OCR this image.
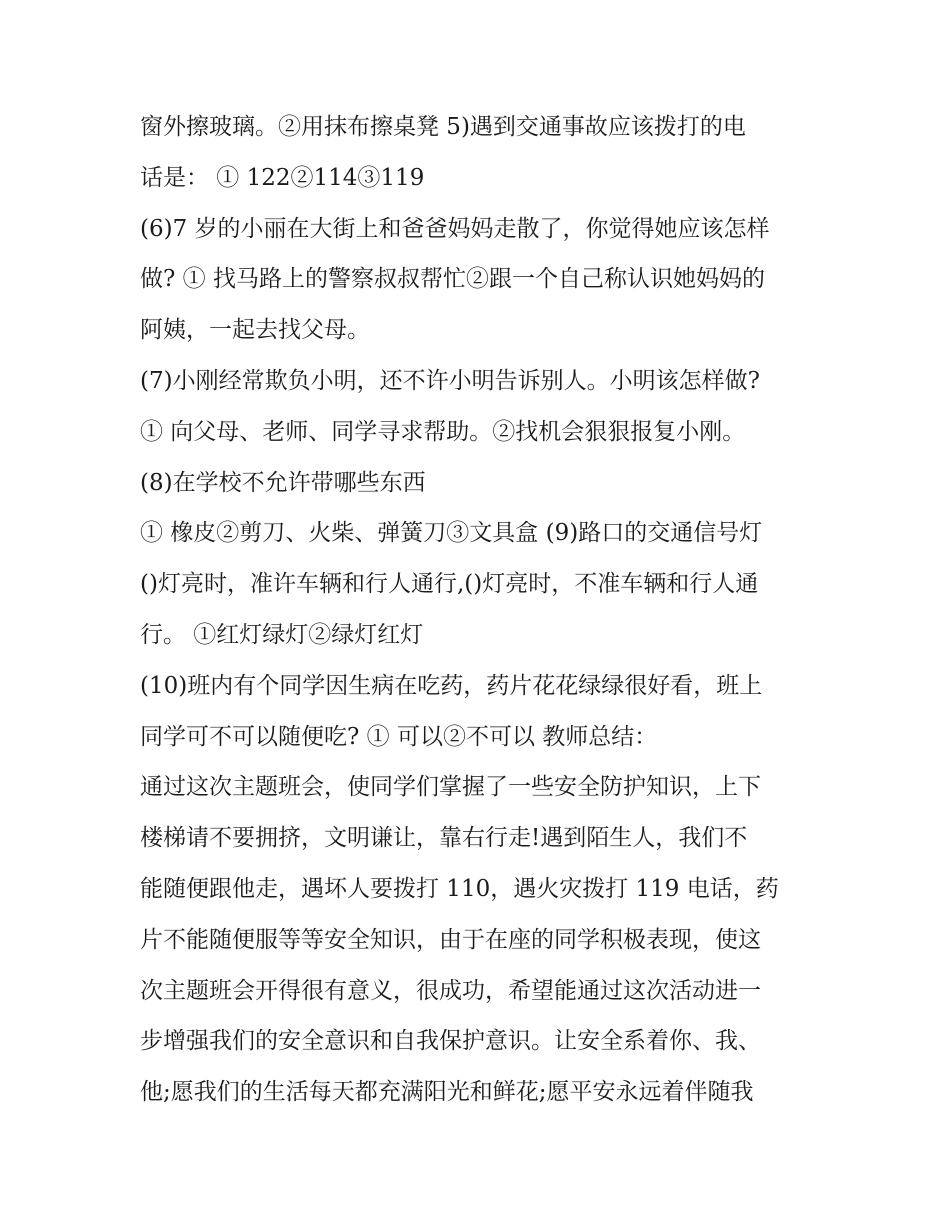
窗外擦玻璃。②用抹布擦桌凳 5)遇到交通事故应该拨打的电
话是： ① 122②114③119
(6)7 岁的小丽在大街上和爸爸妈妈走散了，你觉得她应该怎样
做? ① 找马路上的警察叔叔帮忙②跟一个自己称认识她妈妈的
阿姨，一起去找父母。
(7)小刚经常欺负小明，还不许小明告诉别人。小明该怎样做?
① 向父母、老师、同学寻求帮助。②找机会狠狠报复小刚。
(8)在学校不允许带哪些东西
① 橡皮②剪刀、火柴、弹簧刀③文具盒 (9)路口的交通信号灯
()灯亮时，准许车辆和行人通行,()灯亮时，不准车辆和行人通
行。 ①红灯绿灯②绿灯红灯
(10)班内有个同学因生病在吃药，药片花花绿绿很好看，班上
同学可不可以随便吃? ① 可以②不可以 教师总结：
通过这次主题班会，使同学们掌握了一些安全防护知识，上下
楼梯请不要拥挤，文明谦让，靠右行走!遇到陌生人，我们不
能随便跟他走，遇坏人要拨打 110，遇火灾拨打 119 电话，药
片不能随便服等等安全知识，由于在座的同学积极表现，使这
次主题班会开得很有意义，很成功，希望能通过这次活动进一
步增强我们的安全意识和自我保护意识。让安全系着你、我、
他;愿我们的生活每天都充满阳光和鲜花;愿平安永远着伴随我
